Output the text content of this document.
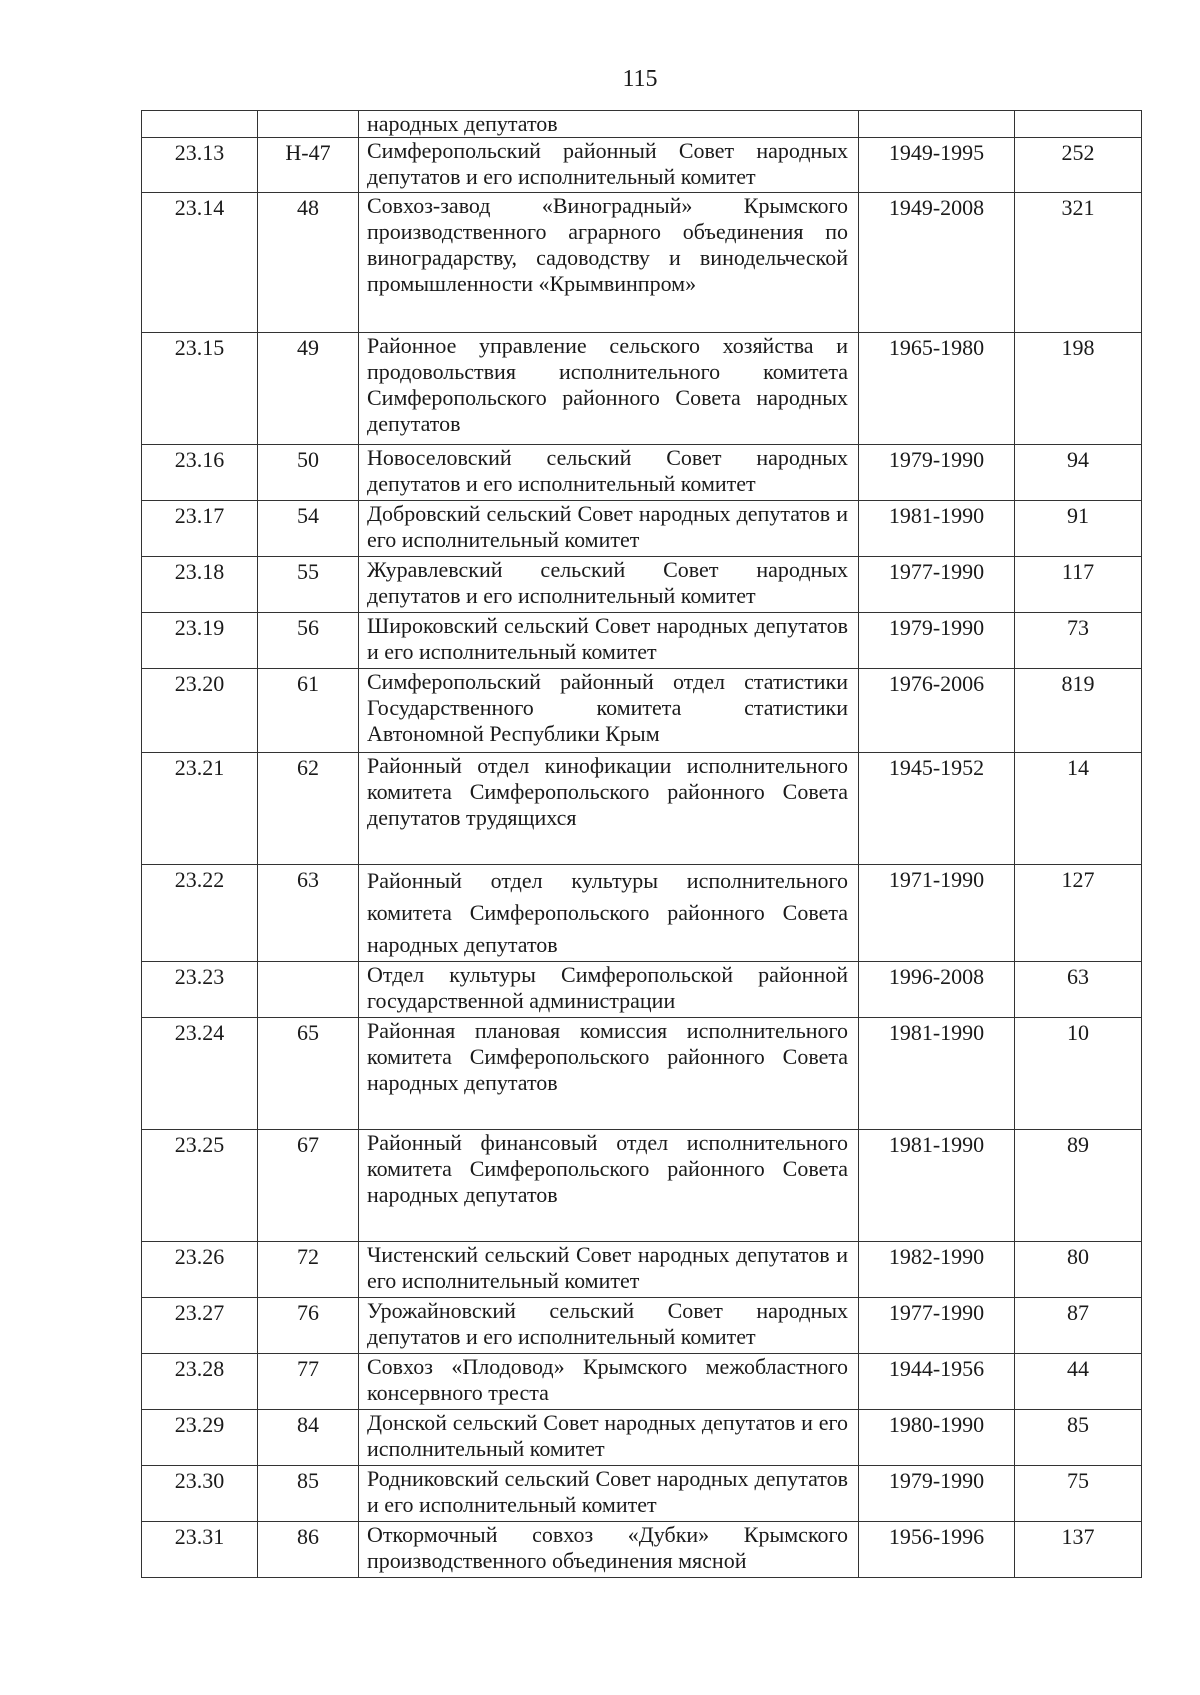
115
		народных депутатов		
23.13	Н-47	Симферопольский районный Совет народных депутатов и его исполнительный комитет	1949-1995	252
23.14	48	Совхоз-завод «Виноградный» Крымского производственного аграрного объединения по виноградарству, садоводству и винодельческой промышленности «Крымвинпром»	1949-2008	321
23.15	49	Районное управление сельского хозяйства и продовольствия исполнительного комитета Симферопольского районного Совета народных депутатов	1965-1980	198
23.16	50	Новоселовский сельский Совет народных депутатов и его исполнительный комитет	1979-1990	94
23.17	54	Добровский сельский Совет народных депутатов и его исполнительный комитет	1981-1990	91
23.18	55	Журавлевский сельский Совет народных депутатов и его исполнительный комитет	1977-1990	117
23.19	56	Широковский сельский Совет народных депутатов и его исполнительный комитет	1979-1990	73
23.20	61	Симферопольский районный отдел статистики Государственного комитета статистики Автономной Республики Крым	1976-2006	819
23.21	62	Районный отдел кинофикации исполнительного комитета Симферопольского районного Совета депутатов трудящихся	1945-1952	14
23.22	63	Районный отдел культуры исполнительного комитета Симферопольского районного Совета народных депутатов	1971-1990	127
23.23		Отдел культуры Симферопольской районной государственной администрации	1996-2008	63
23.24	65	Районная плановая комиссия исполнительного комитета Симферопольского районного Совета народных депутатов	1981-1990	10
23.25	67	Районный финансовый отдел исполнительного комитета Симферопольского районного Совета народных депутатов	1981-1990	89
23.26	72	Чистенский сельский Совет народных депутатов и его исполнительный комитет	1982-1990	80
23.27	76	Урожайновский сельский Совет народных депутатов и его исполнительный комитет	1977-1990	87
23.28	77	Совхоз «Плодовод» Крымского межобластного консервного треста	1944-1956	44
23.29	84	Донской сельский Совет народных депутатов и его исполнительный комитет	1980-1990	85
23.30	85	Родниковский сельский Совет народных депутатов и его исполнительный комитет	1979-1990	75
23.31	86	Откормочный совхоз «Дубки» Крымского производственного объединения мясной	1956-1996	137
